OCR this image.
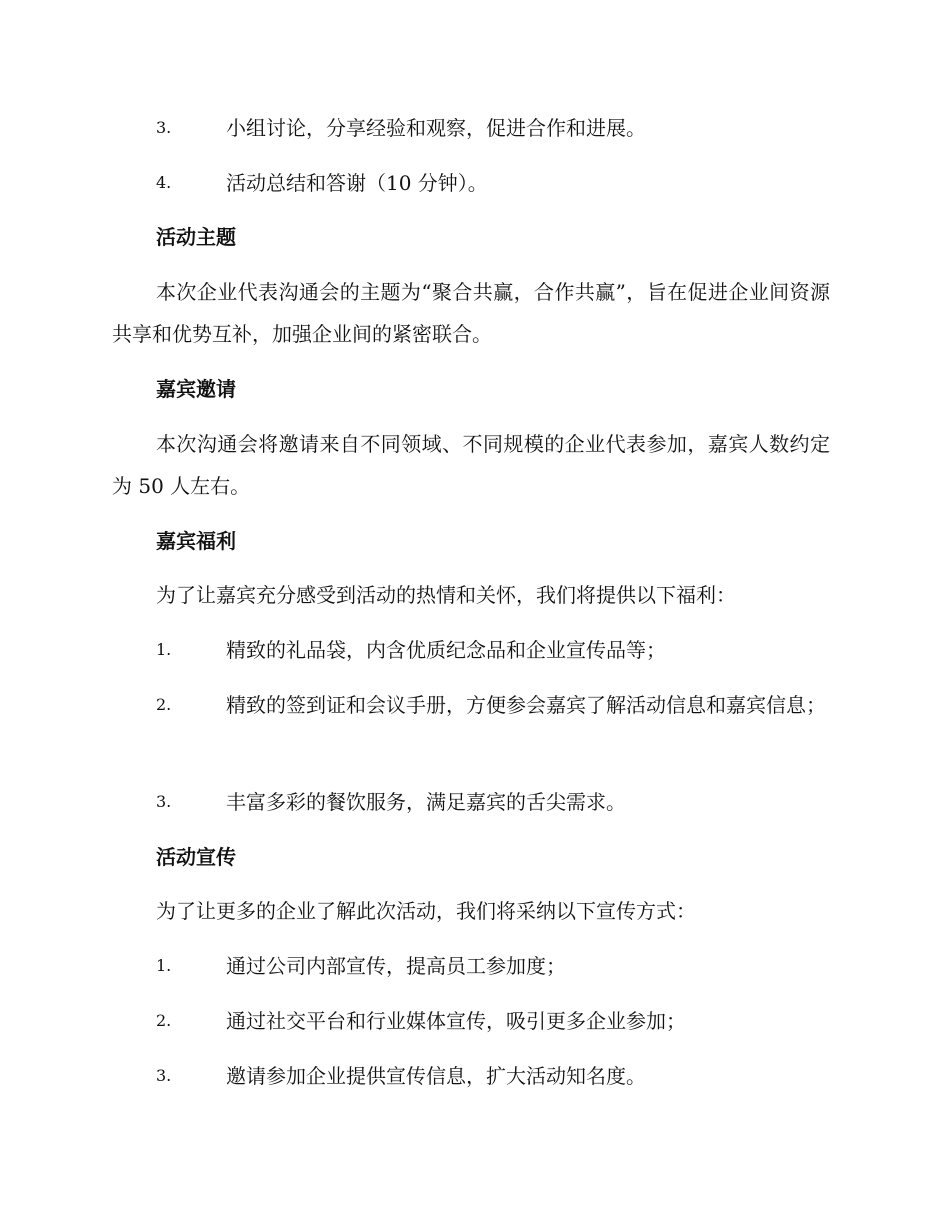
3.	小组讨论，分享经验和观察，促进合作和进展。

4.	活动总结和答谢（10 分钟）。

活动主题

本次企业代表沟通会的主题为“聚合共赢，合作共赢”，旨在促进企业间资源共享和优势互补，加强企业间的紧密联合。

嘉宾邀请

本次沟通会将邀请来自不同领域、不同规模的企业代表参加，嘉宾人数约定为 50 人左右。

嘉宾福利

为了让嘉宾充分感受到活动的热情和关怀，我们将提供以下福利：

1.	精致的礼品袋，内含优质纪念品和企业宣传品等；

2.	精致的签到证和会议手册，方便参会嘉宾了解活动信息和嘉宾信息；

3.	丰富多彩的餐饮服务，满足嘉宾的舌尖需求。

活动宣传

为了让更多的企业了解此次活动，我们将采纳以下宣传方式：

1.	通过公司内部宣传，提高员工参加度；

2.	通过社交平台和行业媒体宣传，吸引更多企业参加；

3.	邀请参加企业提供宣传信息，扩大活动知名度。
